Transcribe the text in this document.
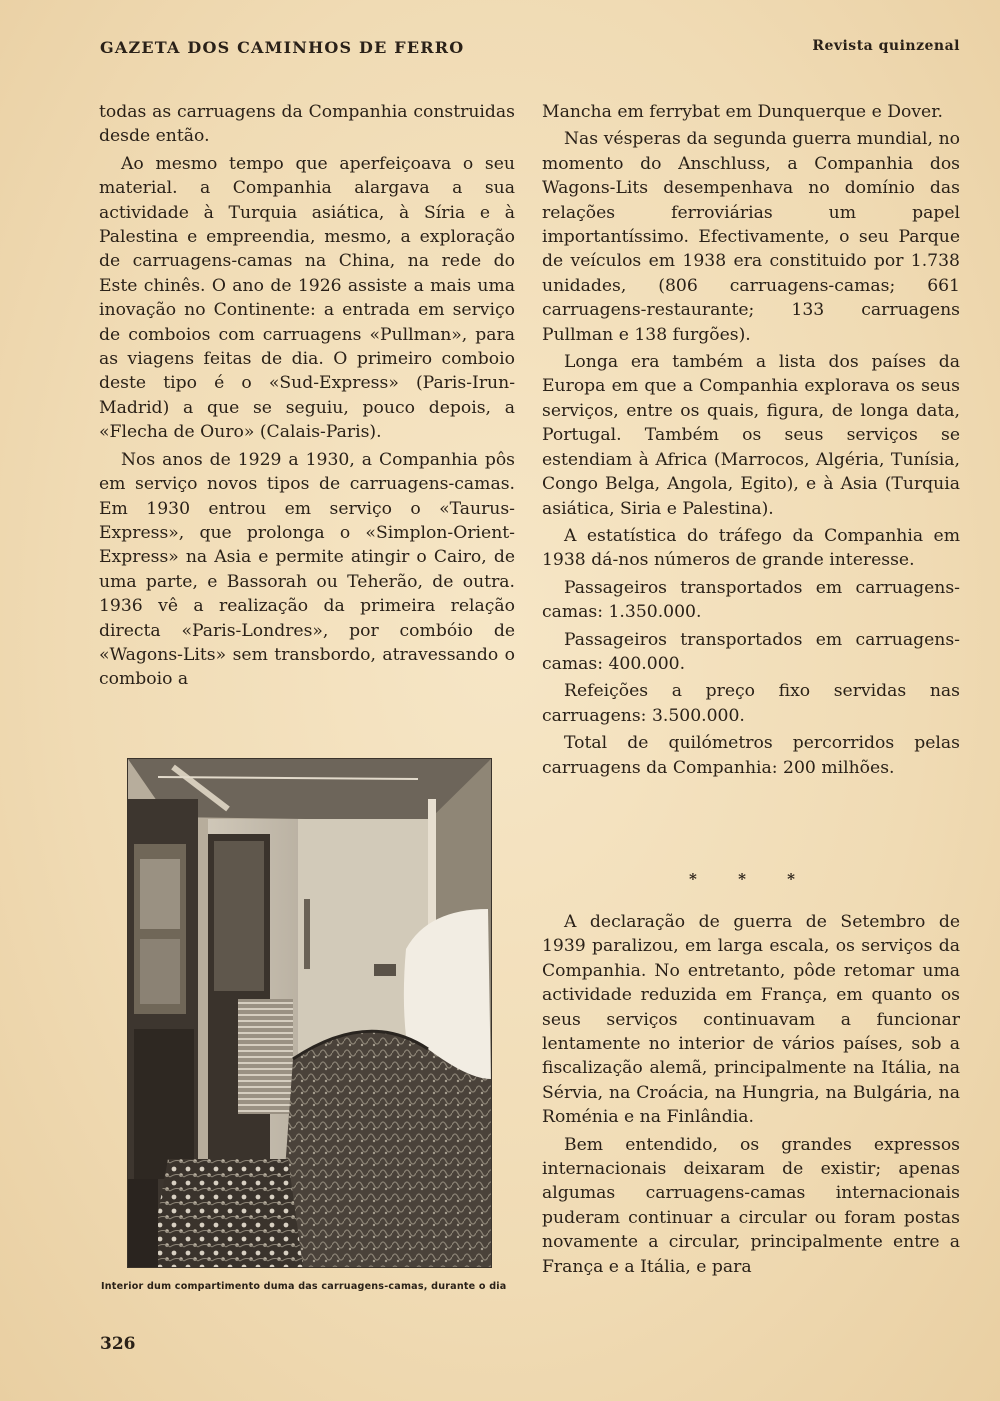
GAZETA DOS CAMINHOS DE FERRO	Revista quinzenal

todas as carruagens da Companhia construidas desde então.

Ao mesmo tempo que aperfeiçoava o seu material. a Companhia alargava a sua actividade à Turquia asiática, à Síria e à Palestina e empreendia, mesmo, a exploração de carruagens-camas na China, na rede do Este chinês. O ano de 1926 assiste a mais uma inovação no Continente: a entrada em serviço de comboios com carruagens «Pullman», para as viagens feitas de dia. O primeiro comboio deste tipo é o «Sud-Express» (Paris-Irun-Madrid) a que se seguiu, pouco depois, a «Flecha de Ouro» (Calais-Paris).

Nos anos de 1929 a 1930, a Companhia pôs em serviço novos tipos de carruagens-camas. Em 1930 entrou em serviço o «Taurus-Express», que prolonga o «Simplon-Orient-Express» na Asia e permite atingir o Cairo, de uma parte, e Bassorah ou Teherão, de outra. 1936 vê a realização da primeira relação directa «Paris-Londres», por combóio de «Wagons-Lits» sem transbordo, atravessando o comboio a

Interior dum compartimento duma das carruagens-camas, durante o dia

Mancha em ferrybat em Dunquerque e Dover.

Nas vésperas da segunda guerra mundial, no momento do Anschluss, a Companhia dos Wagons-Lits desempenhava no domínio das relações ferroviárias um papel importantíssimo. Efectivamente, o seu Parque de veículos em 1938 era constituido por 1.738 unidades, (806 carruagens-camas; 661 carruagens-restaurante; 133 carruagens Pullman e 138 furgões).

Longa era também a lista dos países da Europa em que a Companhia explorava os seus serviços, entre os quais, figura, de longa data, Portugal. Também os seus serviços se estendiam à Africa (Marrocos, Algéria, Tunísia, Congo Belga, Angola, Egito), e à Asia (Turquia asiática, Siria e Palestina).

A estatística do tráfego da Companhia em 1938 dá-nos números de grande interesse.

Passageiros transportados em carruagens-camas: 1.350.000.

Passageiros transportados em carruagens-camas: 400.000.

Refeições a preço fixo servidas nas carruagens: 3.500.000.

Total de quilómetros percorridos pelas carruagens da Companhia: 200 milhões.

* * *

A declaração de guerra de Setembro de 1939 paralizou, em larga escala, os serviços da Companhia. No entretanto, pôde retomar uma actividade reduzida em França, em quanto os seus serviços continuavam a funcionar lentamente no interior de vários países, sob a fiscalização alemã, principalmente na Itália, na Sérvia, na Croácia, na Hungria, na Bulgária, na Roménia e na Finlândia.

Bem entendido, os grandes expressos internacionais deixaram de existir; apenas algumas carruagens-camas internacionais puderam continuar a circular ou foram postas novamente a circular, principalmente entre a França e a Itália, e para

326
